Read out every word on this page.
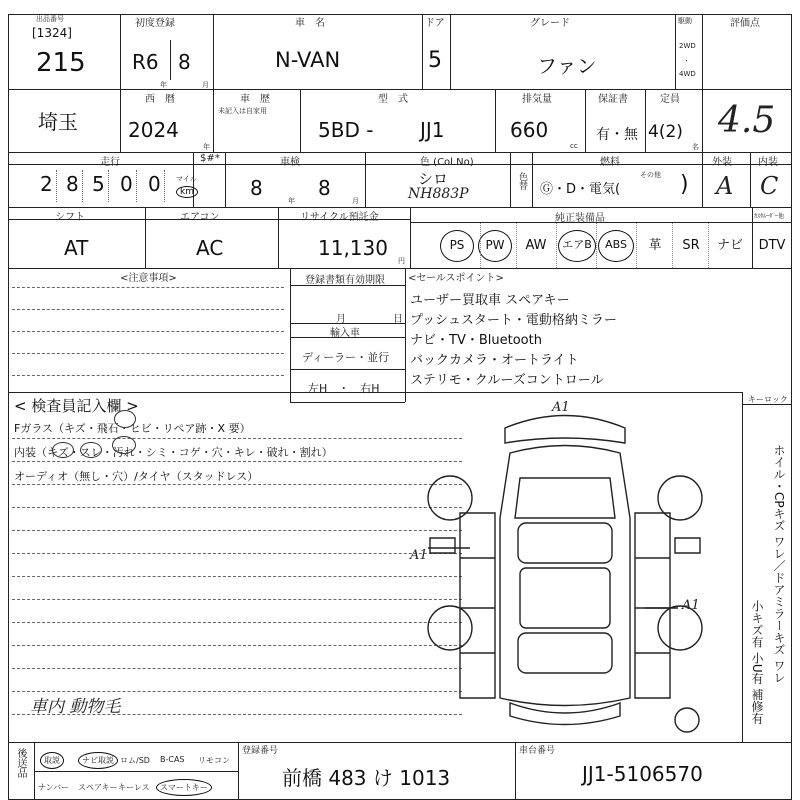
出品番号
[1324]
215
初度登録
R6 8
年	月
車　名
N-VAN
ドア
5
グレード
ファン
駆動
2WD
・
4WD
評価点
4.5
埼玉
西　暦
2024
年
車　歴
未記入は自家用
型　式
5BD - JJ1
排気量
660
cc
保証書
有・無
定員
4(2)
名
走行
2 8 5 0 0 マイル
km
$#*	車検
8
年
8
月
色 (Col.No)
シロ
NH883P
色替
燃料
Ⓖ・D・電気(
その他 )
外装
A
内装
C
シフト
AT
エアコン
AC
リサイクル預託金
11,130
円
純正装備品
PS	PW	AW	エアB	ABS	革	SR	ナビ
ｶｽﾀﾑｰﾀﾞｰ他
DTV
<注意事項>	登録書類有効期限
月	日
輸入車
ディーラー・並行
左H　・　右H
<セールスポイント>
ユーザー買取車 スペアキー
プッシュスタート・電動格納ミラー
ナビ・TV・Bluetooth
バックカメラ・オートライト
ステリモ・クルーズコントロール
< 検査員記入欄 >
Fガラス（キズ・飛石・ヒビ・リペア跡・X 要）
内装（キズ・スレ・汚れ・シミ・コゲ・穴・キレ・破れ・割れ）
オーディオ（無し・穴）/タイヤ（スタッドレス）
車内 動物毛
A1
A1
A1
キーロック
ホイル・CPキズ ワレ／ドアミラーキズ ワレ
小キズ有 小U有 補修有
後送品	取説	ナビ取説 ロム/SD B-CAS リモコン
ナンバー スペアキー キーレス	スマートキー
登録番号
前橋 483 け 1013
車台番号
JJ1-5106570
